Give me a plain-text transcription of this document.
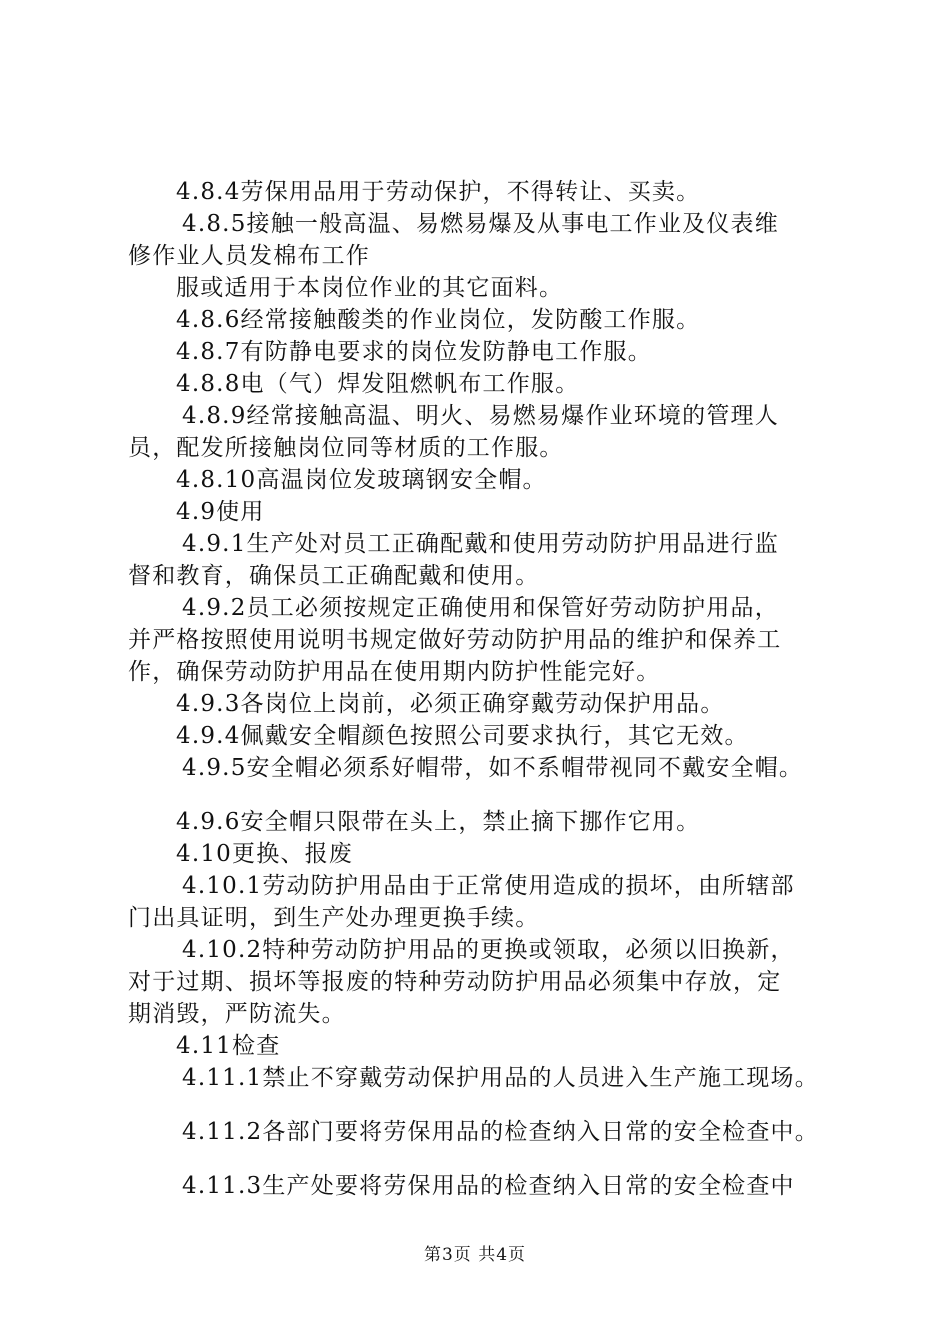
4.8.4劳保用品用于劳动保护，不得转让、买卖。
4.8.5接触一般高温、易燃易爆及从事电工作业及仪表维
修作业人员发棉布工作
服或适用于本岗位作业的其它面料。
4.8.6经常接触酸类的作业岗位，发防酸工作服。
4.8.7有防静电要求的岗位发防静电工作服。
4.8.8电（气）焊发阻燃帆布工作服。
4.8.9经常接触高温、明火、易燃易爆作业环境的管理人
员，配发所接触岗位同等材质的工作服。
4.8.10高温岗位发玻璃钢安全帽。
4.9使用
4.9.1生产处对员工正确配戴和使用劳动防护用品进行监
督和教育，确保员工正确配戴和使用。
4.9.2员工必须按规定正确使用和保管好劳动防护用品，
并严格按照使用说明书规定做好劳动防护用品的维护和保养工
作，确保劳动防护用品在使用期内防护性能完好。
4.9.3各岗位上岗前，必须正确穿戴劳动保护用品。
4.9.4佩戴安全帽颜色按照公司要求执行，其它无效。
4.9.5安全帽必须系好帽带，如不系帽带视同不戴安全帽。
4.9.6安全帽只限带在头上，禁止摘下挪作它用。
4.10更换、报废
4.10.1劳动防护用品由于正常使用造成的损坏，由所辖部
门出具证明，到生产处办理更换手续。
4.10.2特种劳动防护用品的更换或领取，必须以旧换新，
对于过期、损坏等报废的特种劳动防护用品必须集中存放，定
期消毁，严防流失。
4.11检查
4.11.1禁止不穿戴劳动保护用品的人员进入生产施工现场。
4.11.2各部门要将劳保用品的检查纳入日常的安全检查中。
4.11.3生产处要将劳保用品的检查纳入日常的安全检查中
第3页 共4页
